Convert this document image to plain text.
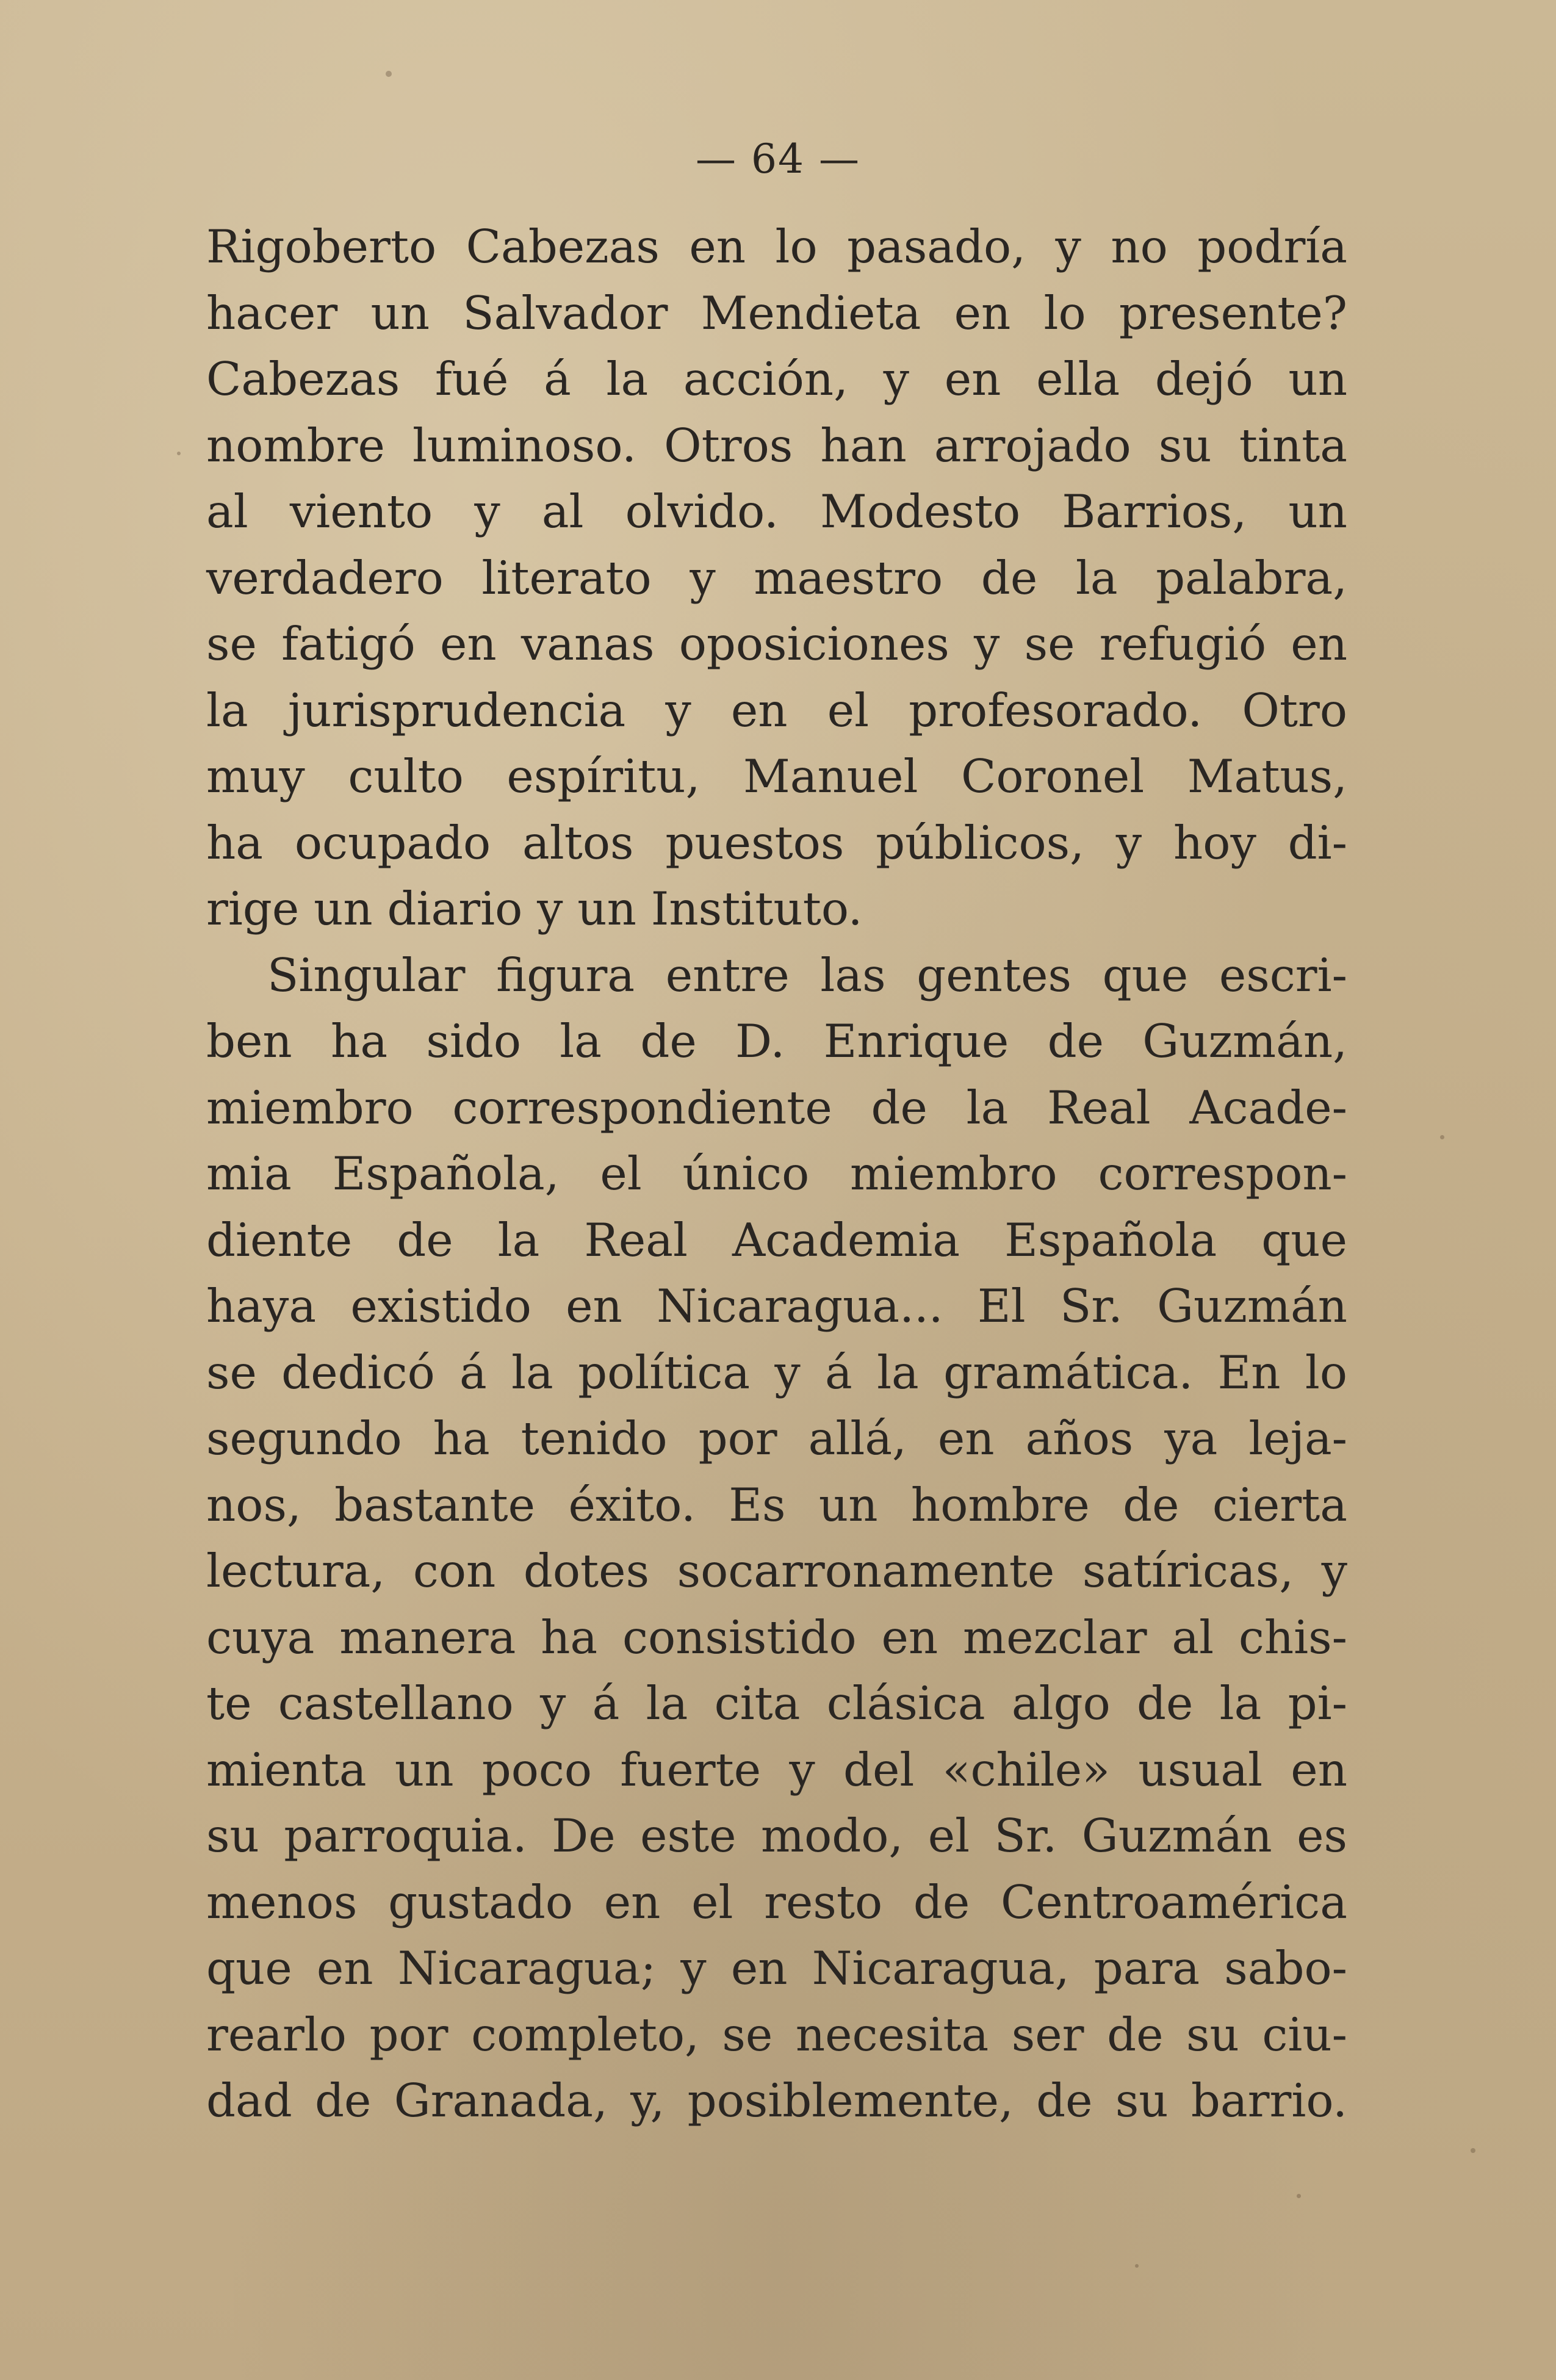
— 64 —
Rigoberto Cabezas en lo pasado, y no podría
hacer un Salvador Mendieta en lo presente?
Cabezas fué á la acción, y en ella dejó un
nombre luminoso. Otros han arrojado su tinta
al viento y al olvido. Modesto Barrios, un
verdadero literato y maestro de la palabra,
se fatigó en vanas oposiciones y se refugió en
la jurisprudencia y en el profesorado. Otro
muy culto espíritu, Manuel Coronel Matus,
ha ocupado altos puestos públicos, y hoy di-
rige un diario y un Instituto.
Singular figura entre las gentes que escri-
ben ha sido la de D. Enrique de Guzmán,
miembro correspondiente de la Real Acade-
mia Española, el único miembro correspon-
diente de la Real Academia Española que
haya existido en Nicaragua... El Sr. Guzmán
se dedicó á la política y á la gramática. En lo
segundo ha tenido por allá, en años ya leja-
nos, bastante éxito. Es un hombre de cierta
lectura, con dotes socarronamente satíricas, y
cuya manera ha consistido en mezclar al chis-
te castellano y á la cita clásica algo de la pi-
mienta un poco fuerte y del «chile» usual en
su parroquia. De este modo, el Sr. Guzmán es
menos gustado en el resto de Centroamérica
que en Nicaragua; y en Nicaragua, para sabo-
rearlo por completo, se necesita ser de su ciu-
dad de Granada, y, posiblemente, de su barrio.
